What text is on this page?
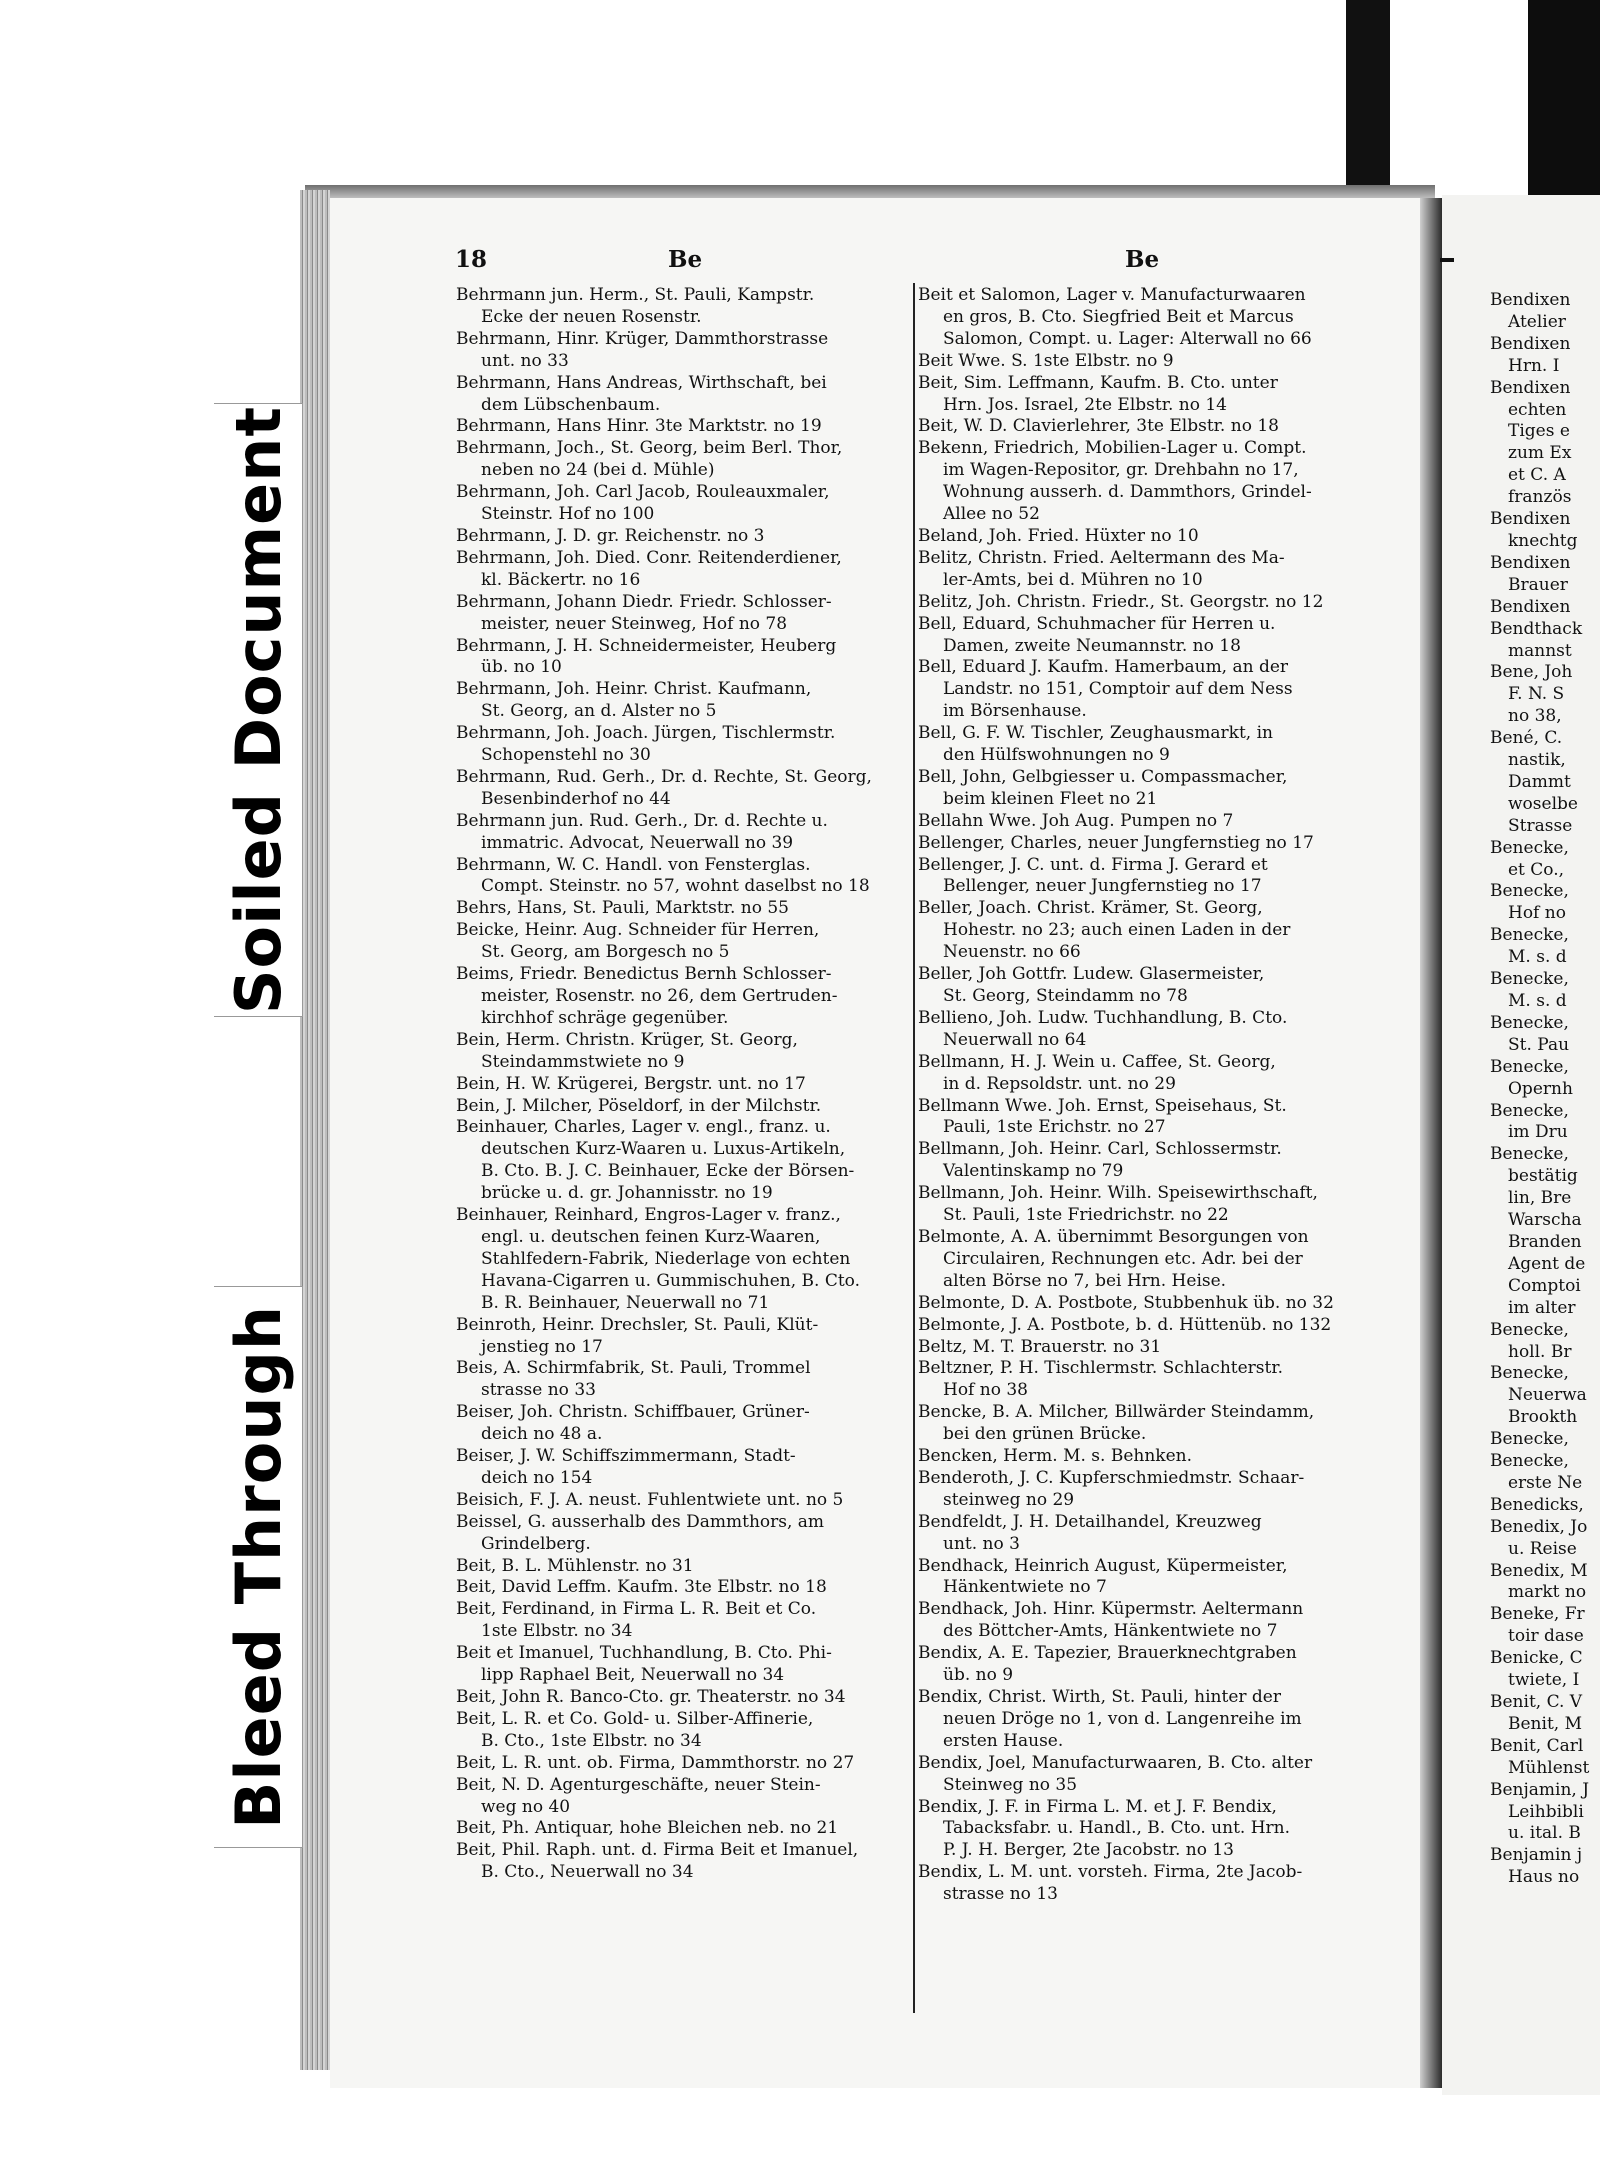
Bendixen
Atelier
Bendixen
Hrn. I
Bendixen
echten
Tiges e
zum Ex
et C. A
französ
Bendixen
knechtg
Bendixen
Brauer
Bendixen
Bendthack
mannst
Bene, Joh
F. N. S
no 38,
Bené, C.
nastik,
Dammt
woselbe
Strasse
Benecke,
et Co.,
Benecke,
Hof no
Benecke,
M. s. d
Benecke,
M. s. d
Benecke,
St. Pau
Benecke,
Opernh
Benecke,
im Dru
Benecke,
bestätig
lin, Bre
Warscha
Branden
Agent de
Comptoi
im alter
Benecke,
holl. Br
Benecke,
Neuerwa
Brookth
Benecke,
Benecke,
erste Ne
Benedicks,
Benedix, Jo
u. Reise
Benedix, M
markt no
Beneke, Fr
toir dase
Benicke, C
twiete, I
Benit, C. V
Benit, M
Benit, Carl
Mühlenst
Benjamin, J
Leihbibli
u. ital. B
Benjamin j
Haus no
Soiled Document
Bleed Through
18	Be	Be
Behrmann jun. Herm., St. Pauli, Kampstr.
Ecke der neuen Rosenstr.
Behrmann, Hinr. Krüger, Dammthorstrasse
unt. no 33
Behrmann, Hans Andreas, Wirthschaft, bei
dem Lübschenbaum.
Behrmann, Hans Hinr. 3te Marktstr. no 19
Behrmann, Joch., St. Georg, beim Berl. Thor,
neben no 24 (bei d. Mühle)
Behrmann, Joh. Carl Jacob, Rouleauxmaler,
Steinstr. Hof no 100
Behrmann, J. D. gr. Reichenstr. no 3
Behrmann, Joh. Died. Conr. Reitenderdiener,
kl. Bäckertr. no 16
Behrmann, Johann Diedr. Friedr. Schlosser-
meister, neuer Steinweg, Hof no 78
Behrmann, J. H. Schneidermeister, Heuberg
üb. no 10
Behrmann, Joh. Heinr. Christ. Kaufmann,
St. Georg, an d. Alster no 5
Behrmann, Joh. Joach. Jürgen, Tischlermstr.
Schopenstehl no 30
Behrmann, Rud. Gerh., Dr. d. Rechte, St. Georg,
Besenbinderhof no 44
Behrmann jun. Rud. Gerh., Dr. d. Rechte u.
immatric. Advocat, Neuerwall no 39
Behrmann, W. C. Handl. von Fensterglas.
Compt. Steinstr. no 57, wohnt daselbst no 18
Behrs, Hans, St. Pauli, Marktstr. no 55
Beicke, Heinr. Aug. Schneider für Herren,
St. Georg, am Borgesch no 5
Beims, Friedr. Benedictus Bernh Schlosser-
meister, Rosenstr. no 26, dem Gertruden-
kirchhof schräge gegenüber.
Bein, Herm. Christn. Krüger, St. Georg,
Steindammstwiete no 9
Bein, H. W. Krügerei, Bergstr. unt. no 17
Bein, J. Milcher, Pöseldorf, in der Milchstr.
Beinhauer, Charles, Lager v. engl., franz. u.
deutschen Kurz-Waaren u. Luxus-Artikeln,
B. Cto. B. J. C. Beinhauer, Ecke der Börsen-
brücke u. d. gr. Johannisstr. no 19
Beinhauer, Reinhard, Engros-Lager v. franz.,
engl. u. deutschen feinen Kurz-Waaren,
Stahlfedern-Fabrik, Niederlage von echten
Havana-Cigarren u. Gummischuhen, B. Cto.
B. R. Beinhauer, Neuerwall no 71
Beinroth, Heinr. Drechsler, St. Pauli, Klüt-
jenstieg no 17
Beis, A. Schirmfabrik, St. Pauli, Trommel
strasse no 33
Beiser, Joh. Christn. Schiffbauer, Grüner-
deich no 48 a.
Beiser, J. W. Schiffszimmermann, Stadt-
deich no 154
Beisich, F. J. A. neust. Fuhlentwiete unt. no 5
Beissel, G. ausserhalb des Dammthors, am
Grindelberg.
Beit, B. L. Mühlenstr. no 31
Beit, David Leffm. Kaufm. 3te Elbstr. no 18
Beit, Ferdinand, in Firma L. R. Beit et Co.
1ste Elbstr. no 34
Beit et Imanuel, Tuchhandlung, B. Cto. Phi-
lipp Raphael Beit, Neuerwall no 34
Beit, John R. Banco-Cto. gr. Theaterstr. no 34
Beit, L. R. et Co. Gold- u. Silber-Affinerie,
B. Cto., 1ste Elbstr. no 34
Beit, L. R. unt. ob. Firma, Dammthorstr. no 27
Beit, N. D. Agenturgeschäfte, neuer Stein-
weg no 40
Beit, Ph. Antiquar, hohe Bleichen neb. no 21
Beit, Phil. Raph. unt. d. Firma Beit et Imanuel,
B. Cto., Neuerwall no 34
Beit et Salomon, Lager v. Manufacturwaaren
en gros, B. Cto. Siegfried Beit et Marcus
Salomon, Compt. u. Lager: Alterwall no 66
Beit Wwe. S. 1ste Elbstr. no 9
Beit, Sim. Leffmann, Kaufm. B. Cto. unter
Hrn. Jos. Israel, 2te Elbstr. no 14
Beit, W. D. Clavierlehrer, 3te Elbstr. no 18
Bekenn, Friedrich, Mobilien-Lager u. Compt.
im Wagen-Repositor, gr. Drehbahn no 17,
Wohnung ausserh. d. Dammthors, Grindel-
Allee no 52
Beland, Joh. Fried. Hüxter no 10
Belitz, Christn. Fried. Aeltermann des Ma-
ler-Amts, bei d. Mühren no 10
Belitz, Joh. Christn. Friedr., St. Georgstr. no 12
Bell, Eduard, Schuhmacher für Herren u.
Damen, zweite Neumannstr. no 18
Bell, Eduard J. Kaufm. Hamerbaum, an der
Landstr. no 151, Comptoir auf dem Ness
im Börsenhause.
Bell, G. F. W. Tischler, Zeughausmarkt, in
den Hülfswohnungen no 9
Bell, John, Gelbgiesser u. Compassmacher,
beim kleinen Fleet no 21
Bellahn Wwe. Joh Aug. Pumpen no 7
Bellenger, Charles, neuer Jungfernstieg no 17
Bellenger, J. C. unt. d. Firma J. Gerard et
Bellenger, neuer Jungfernstieg no 17
Beller, Joach. Christ. Krämer, St. Georg,
Hohestr. no 23; auch einen Laden in der
Neuenstr. no 66
Beller, Joh Gottfr. Ludew. Glasermeister,
St. Georg, Steindamm no 78
Bellieno, Joh. Ludw. Tuchhandlung, B. Cto.
Neuerwall no 64
Bellmann, H. J. Wein u. Caffee, St. Georg,
in d. Repsoldstr. unt. no 29
Bellmann Wwe. Joh. Ernst, Speisehaus, St.
Pauli, 1ste Erichstr. no 27
Bellmann, Joh. Heinr. Carl, Schlossermstr.
Valentinskamp no 79
Bellmann, Joh. Heinr. Wilh. Speisewirthschaft,
St. Pauli, 1ste Friedrichstr. no 22
Belmonte, A. A. übernimmt Besorgungen von
Circulairen, Rechnungen etc. Adr. bei der
alten Börse no 7, bei Hrn. Heise.
Belmonte, D. A. Postbote, Stubbenhuk üb. no 32
Belmonte, J. A. Postbote, b. d. Hüttenüb. no 132
Beltz, M. T. Brauerstr. no 31
Beltzner, P. H. Tischlermstr. Schlachterstr.
Hof no 38
Bencke, B. A. Milcher, Billwärder Steindamm,
bei den grünen Brücke.
Bencken, Herm. M. s. Behnken.
Benderoth, J. C. Kupferschmiedmstr. Schaar-
steinweg no 29
Bendfeldt, J. H. Detailhandel, Kreuzweg
unt. no 3
Bendhack, Heinrich August, Küpermeister,
Hänkentwiete no 7
Bendhack, Joh. Hinr. Küpermstr. Aeltermann
des Böttcher-Amts, Hänkentwiete no 7
Bendix, A. E. Tapezier, Brauerknechtgraben
üb. no 9
Bendix, Christ. Wirth, St. Pauli, hinter der
neuen Dröge no 1, von d. Langenreihe im
ersten Hause.
Bendix, Joel, Manufacturwaaren, B. Cto. alter
Steinweg no 35
Bendix, J. F. in Firma L. M. et J. F. Bendix,
Tabacksfabr. u. Handl., B. Cto. unt. Hrn.
P. J. H. Berger, 2te Jacobstr. no 13
Bendix, L. M. unt. vorsteh. Firma, 2te Jacob-
strasse no 13
